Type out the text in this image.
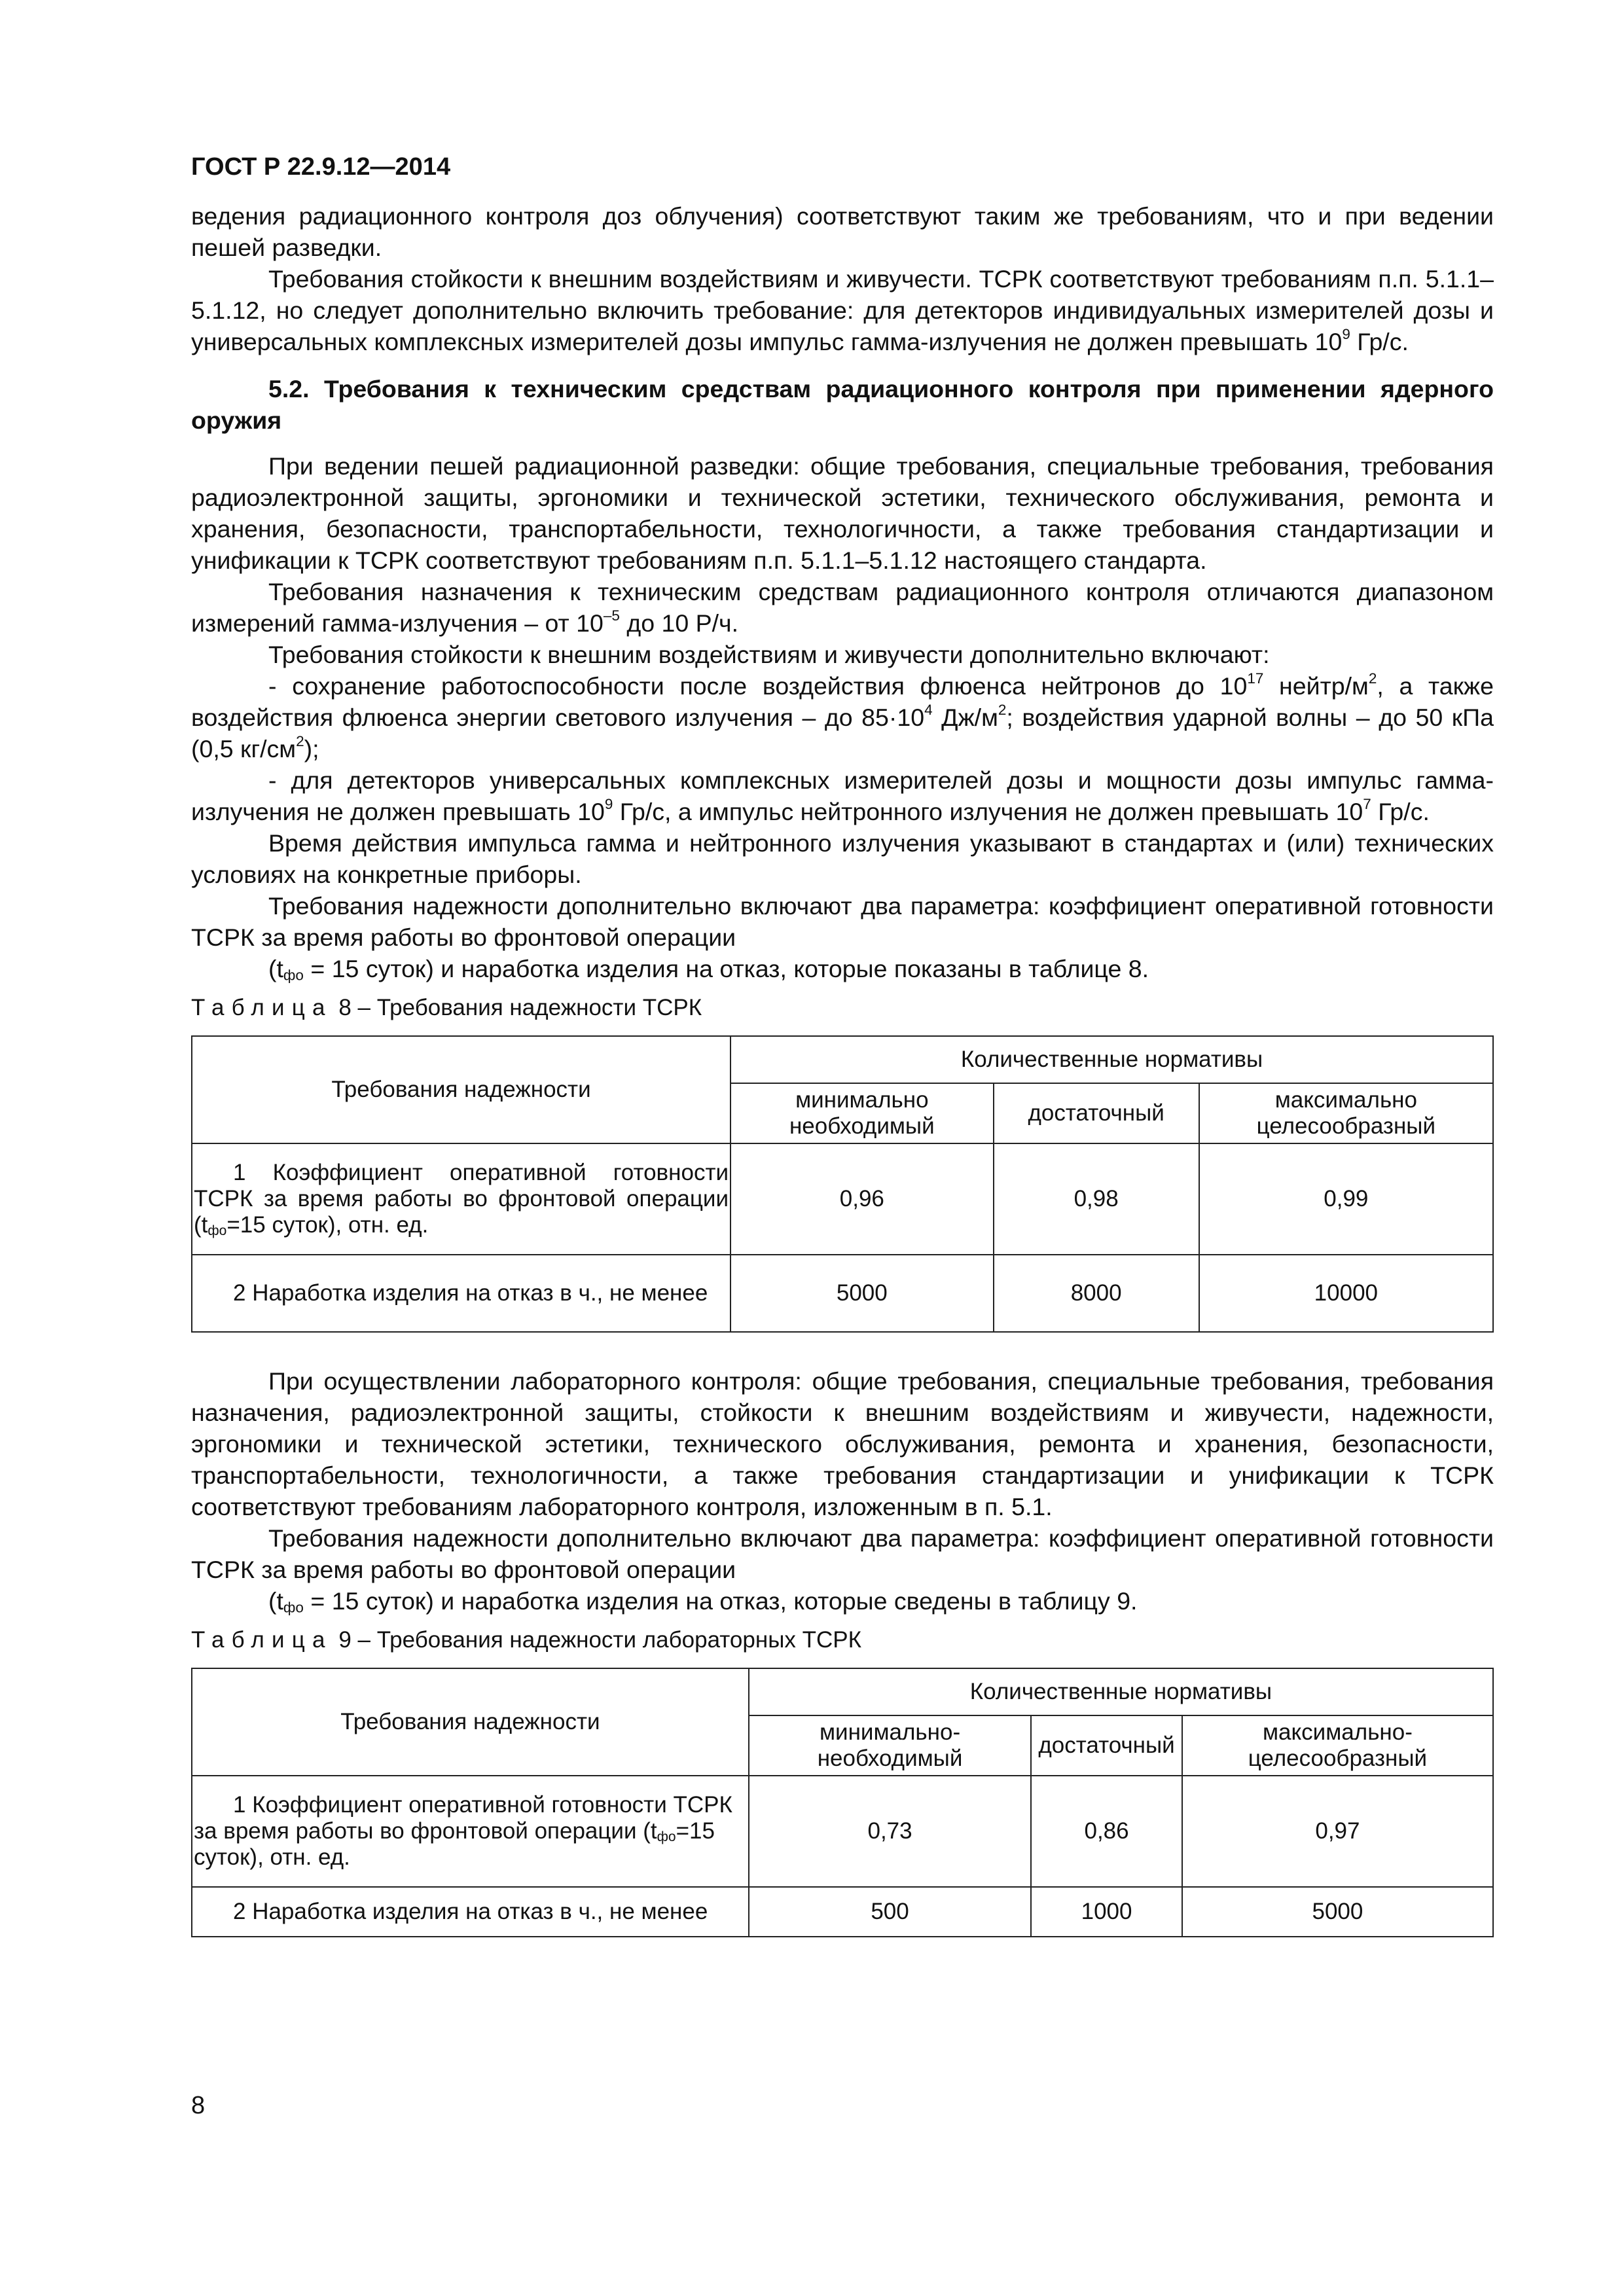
ГОСТ Р 22.9.12—2014

ведения радиационного контроля доз облучения) соответствуют таким же требованиям, что и при ведении пешей разведки.

Требования стойкости к внешним воздействиям и живучести. ТСРК соответствуют требованиям п.п. 5.1.1–5.1.12, но следует дополнительно включить требование: для детекторов индивидуальных измерителей дозы и универсальных комплексных измерителей дозы импульс гамма-излучения не должен превышать $10^9$ Гр/с.

5.2. Требования к техническим средствам радиационного контроля при применении ядерного оружия

При ведении пешей радиационной разведки: общие требования, специальные требования, требования радиоэлектронной защиты, эргономики и технической эстетики, технического обслуживания, ремонта и хранения, безопасности, транспортабельности, технологичности, а также требования стандартизации и унификации к ТСРК соответствуют требованиям п.п. 5.1.1–5.1.12 настоящего стандарта.

Требования назначения к техническим средствам радиационного контроля отличаются диапазоном измерений гамма-излучения – от $10^{-5}$ до 10 Р/ч.

Требования стойкости к внешним воздействиям и живучести дополнительно включают:

- сохранение работоспособности после воздействия флюенса нейтронов до $10^{17}$ нейтр/$м^2$, а также воздействия флюенса энергии светового излучения – до $85\cdot 10^4$ $Дж/м^2$; воздействия ударной волны – до 50 кПа (0,5 $кг/см^2$);

- для детекторов универсальных комплексных измерителей дозы и мощности дозы импульс гамма-излучения не должен превышать $10^9$ Гр/с, а импульс нейтронного излучения не должен превышать $10^7$ Гр/с.

Время действия импульса гамма и нейтронного излучения указывают в стандартах и (или) технических условиях на конкретные приборы.

Требования надежности дополнительно включают два параметра: коэффициент оперативной готовности ТСРК за время работы во фронтовой операции

($t_{фо} = 15$ суток) и наработка изделия на отказ, которые показаны в таблице 8.

Таблица 8 – Требования надежности ТСРК
Требования надежности	Количественные нормативы		
	минимально необходимый	достаточный	максимально целесообразный
1 Коэффициент оперативной готовности ТСРК за время работы во фронтовой операции ($t_{фо}=15$ суток), отн. ед.	0,96	0,98	0,99
2 Наработка изделия на отказ в ч., не менее	5000	8000	10000

При осуществлении лабораторного контроля: общие требования, специальные требования, требования назначения, радиоэлектронной защиты, стойкости к внешним воздействиям и живучести, надежности, эргономики и технической эстетики, технического обслуживания, ремонта и хранения, безопасности, транспортабельности, технологичности, а также требования стандартизации и унификации к ТСРК соответствуют требованиям лабораторного контроля, изложенным в п. 5.1.

Требования надежности дополнительно включают два параметра: коэффициент оперативной готовности ТСРК за время работы во фронтовой операции

($t_{фо} = 15$ суток) и наработка изделия на отказ, которые сведены в таблицу 9.

Таблица 9 – Требования надежности лабораторных ТСРК
Требования надежности	Количественные нормативы		
	минимально-необходимый	достаточный	максимально-целесообразный
1 Коэффициент оперативной готовности ТСРК за время работы во фронтовой операции ($t_{фо}=15$ суток), отн. ед.	0,73	0,86	0,97
2 Наработка изделия на отказ в ч., не менее	500	1000	5000
8
